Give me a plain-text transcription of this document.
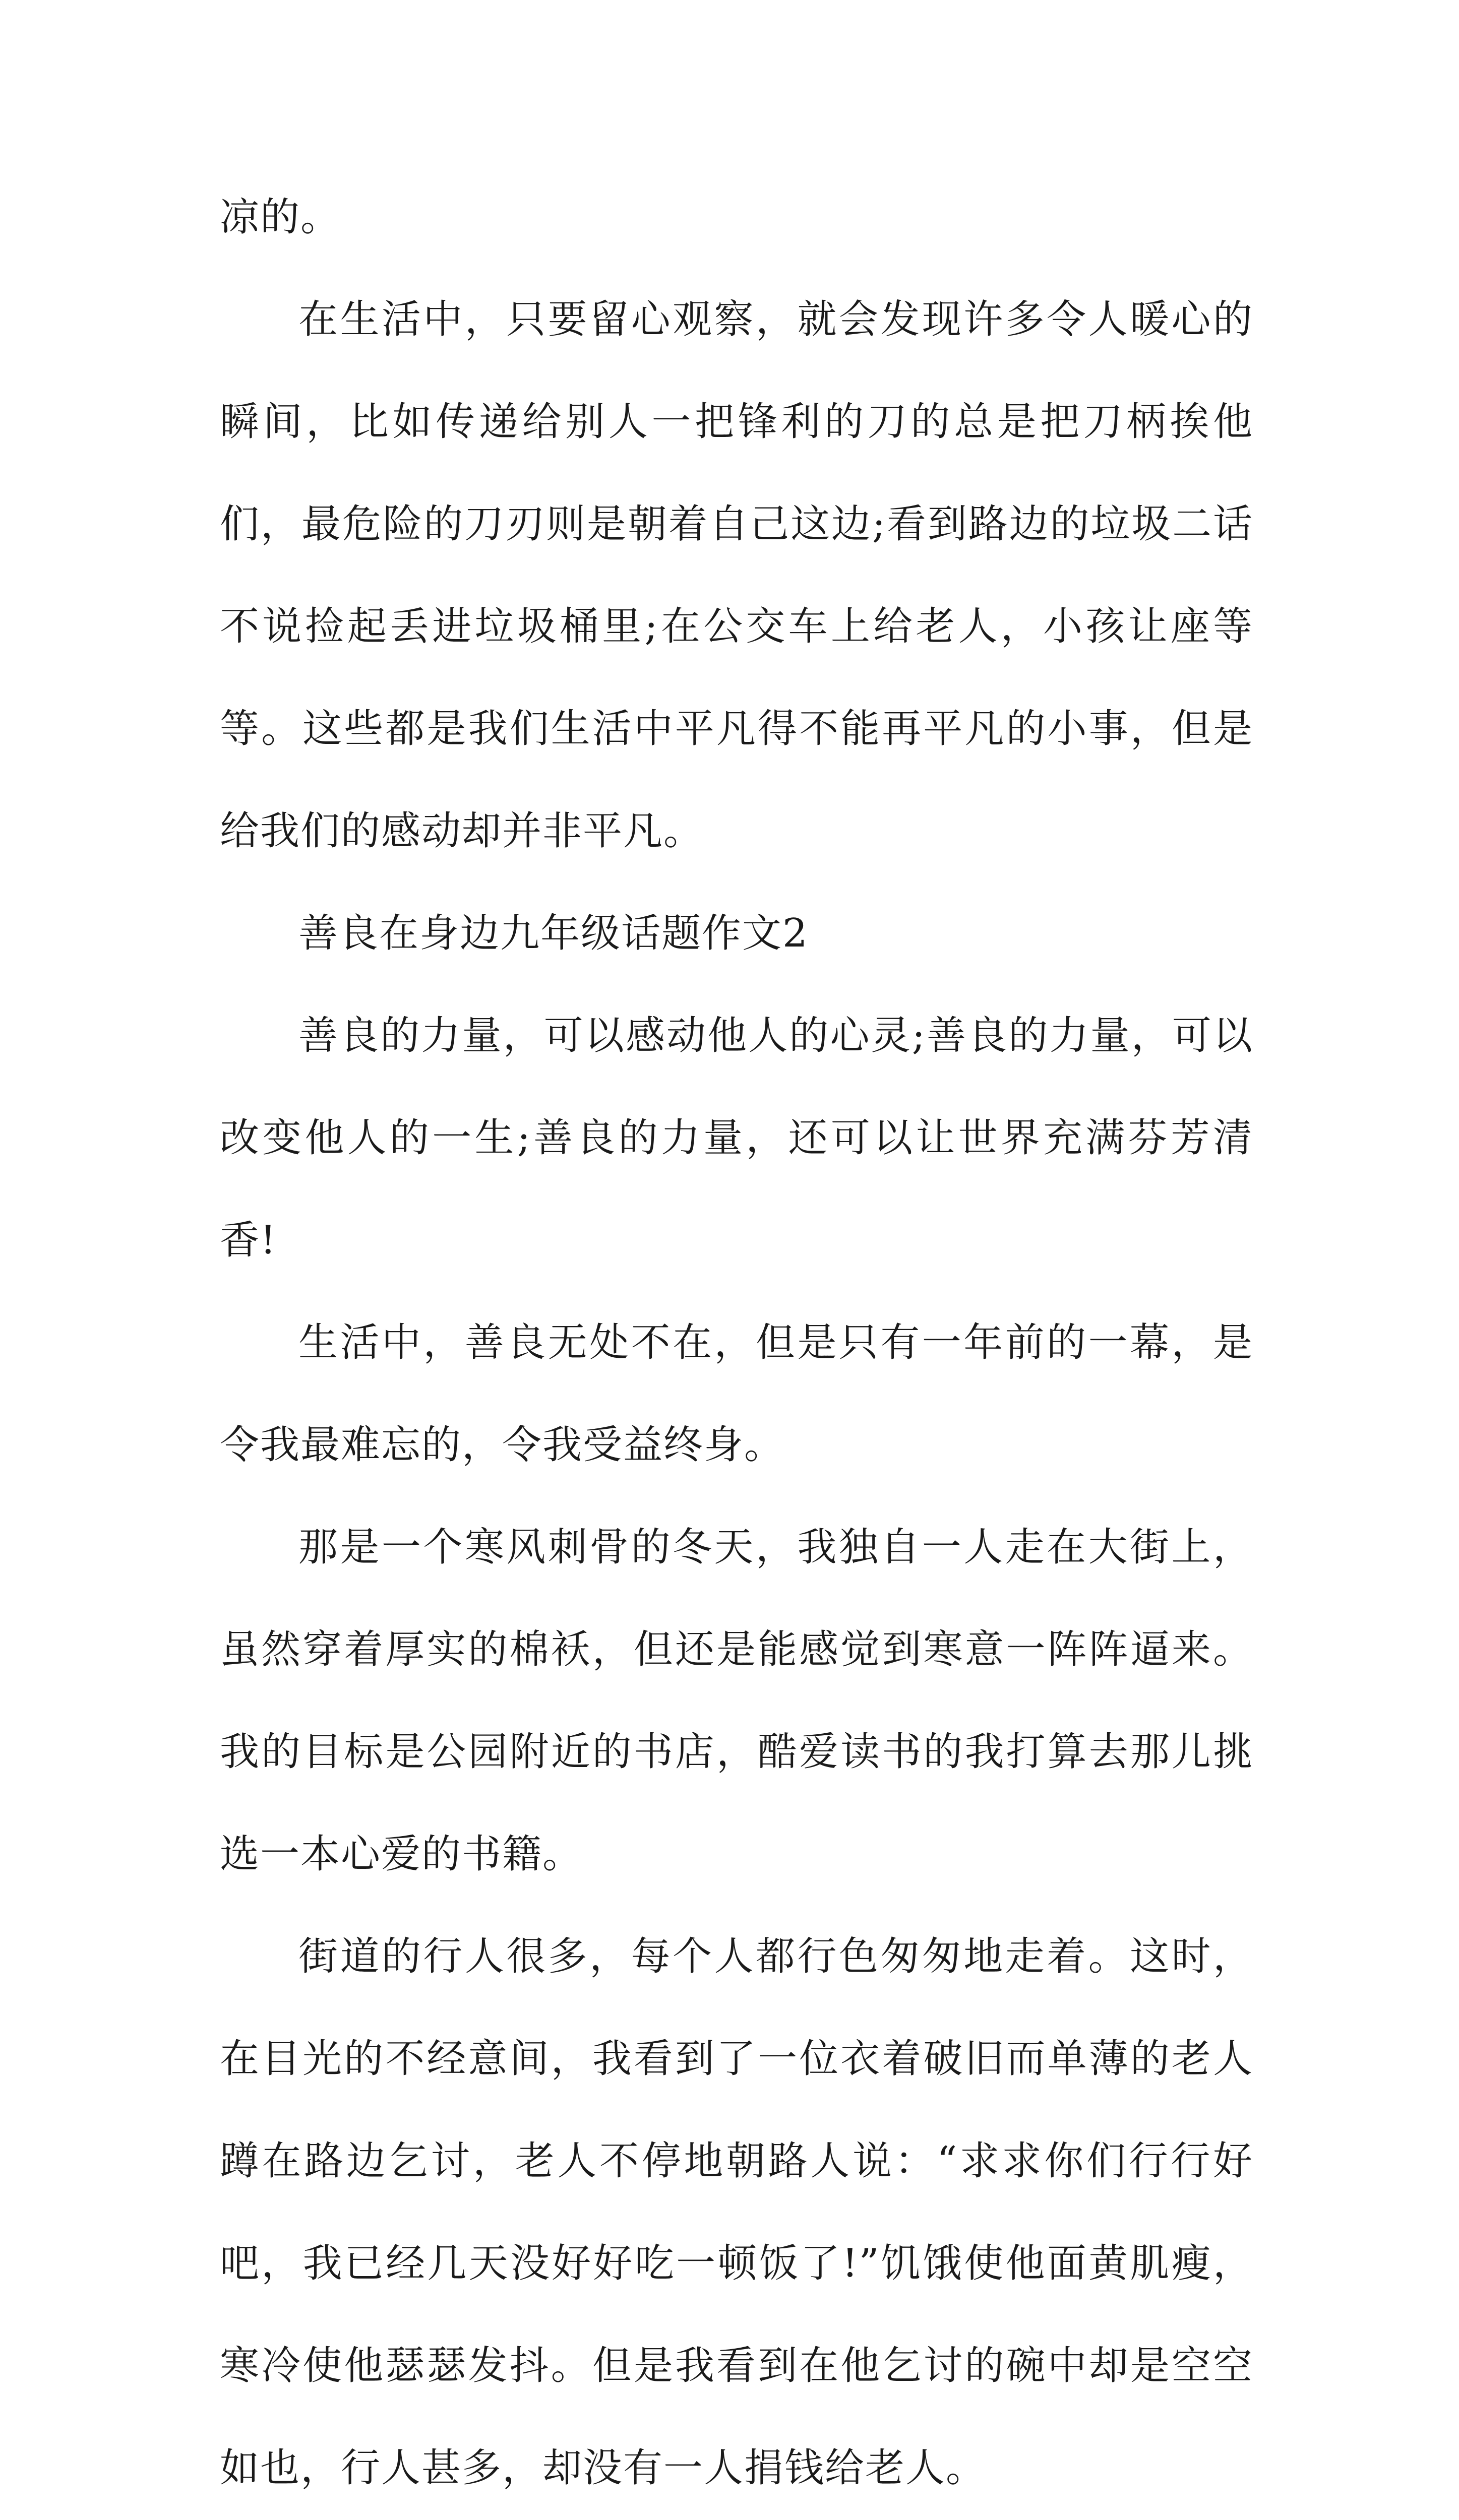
凉的。

在生活中，只要留心观察，就会发现许多令人暖心的瞬间，比如传递给别人一把锋利的刀的总是把刀柄挨他们，最危险的刀刃则是朝着自己这边;看到路边的垃圾二话不说捡起丢进垃圾桶里;在公交车上给老人，小孩让座等等。这些都是我们生活中平凡得不能再平凡的小事，但是给我们的感动却并非平凡。

善良在身边九年级话题作文2

善良的力量，可以感动他人的心灵;善良的力量，可以改变他人的一生;善良的力量，还可以让世界充满芬芳清香!

生活中，善良无处不在，但是只有一年前的一幕，是令我最难忘的，令我受益终身。

那是一个寒风刺骨的冬天，我独自一人走在大街上，虽然穿着厚实的棉袄，但还是能感觉到寒意一阵阵逼来。我的目标是公园附近的书店，酷爱读书的我打算去那儿挑选一本心爱的书籍。

街道的行人很多，每个人都行色匆匆地走着。这时，在目光的不经意间，我看到了一位衣着破旧而单薄的老人蹲在路边乞讨，老人不停地朝路人说：“求求你们行行好吧，我已经几天没好好吃一顿饭了!”饥饿使他面黄肌瘦，寒冷使他瑟瑟发抖。但是我看到在他乞讨的碗中却是空空如也，行人甚多，却没有一人捐钱给老人。
